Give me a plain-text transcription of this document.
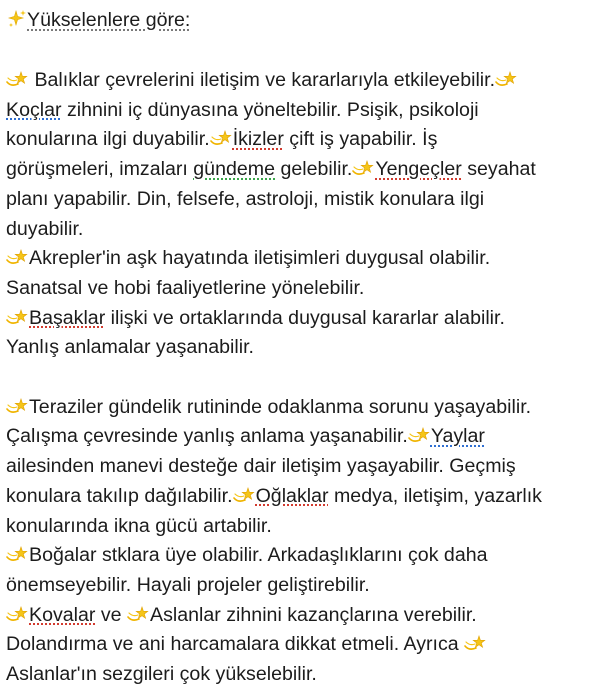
Yükselenlere göre:
Balıklar çevrelerini iletişim ve kararlarıyla etkileyebilir.
Koçlar zihnini iç dünyasına yöneltebilir. Psişik, psikoloji
konularına ilgi duyabilir. İkizler çift iş yapabilir. İş
görüşmeleri, imzaları gündeme gelebilir. Yengeçler seyahat
planı yapabilir. Din, felsefe, astroloji, mistik konulara ilgi
duyabilir.
Akrepler'in aşk hayatında iletişimleri duygusal olabilir.
Sanatsal ve hobi faaliyetlerine yönelebilir.
Başaklar ilişki ve ortaklarında duygusal kararlar alabilir.
Yanlış anlamalar yaşanabilir.
Teraziler gündelik rutininde odaklanma sorunu yaşayabilir.
Çalışma çevresinde yanlış anlama yaşanabilir. Yaylar
ailesinden manevi desteğe dair iletişim yaşayabilir. Geçmiş
konulara takılıp dağılabilir. Oğlaklar medya, iletişim, yazarlık
konularında ikna gücü artabilir.
Boğalar stklara üye olabilir. Arkadaşlıklarını çok daha
önemseyebilir. Hayali projeler geliştirebilir.
Kovalar ve
Aslanlar zihnini kazançlarına verebilir.
Dolandırma ve ani harcamalara dikkat etmeli. Ayrıca
Aslanlar'ın sezgileri çok yükselebilir.
